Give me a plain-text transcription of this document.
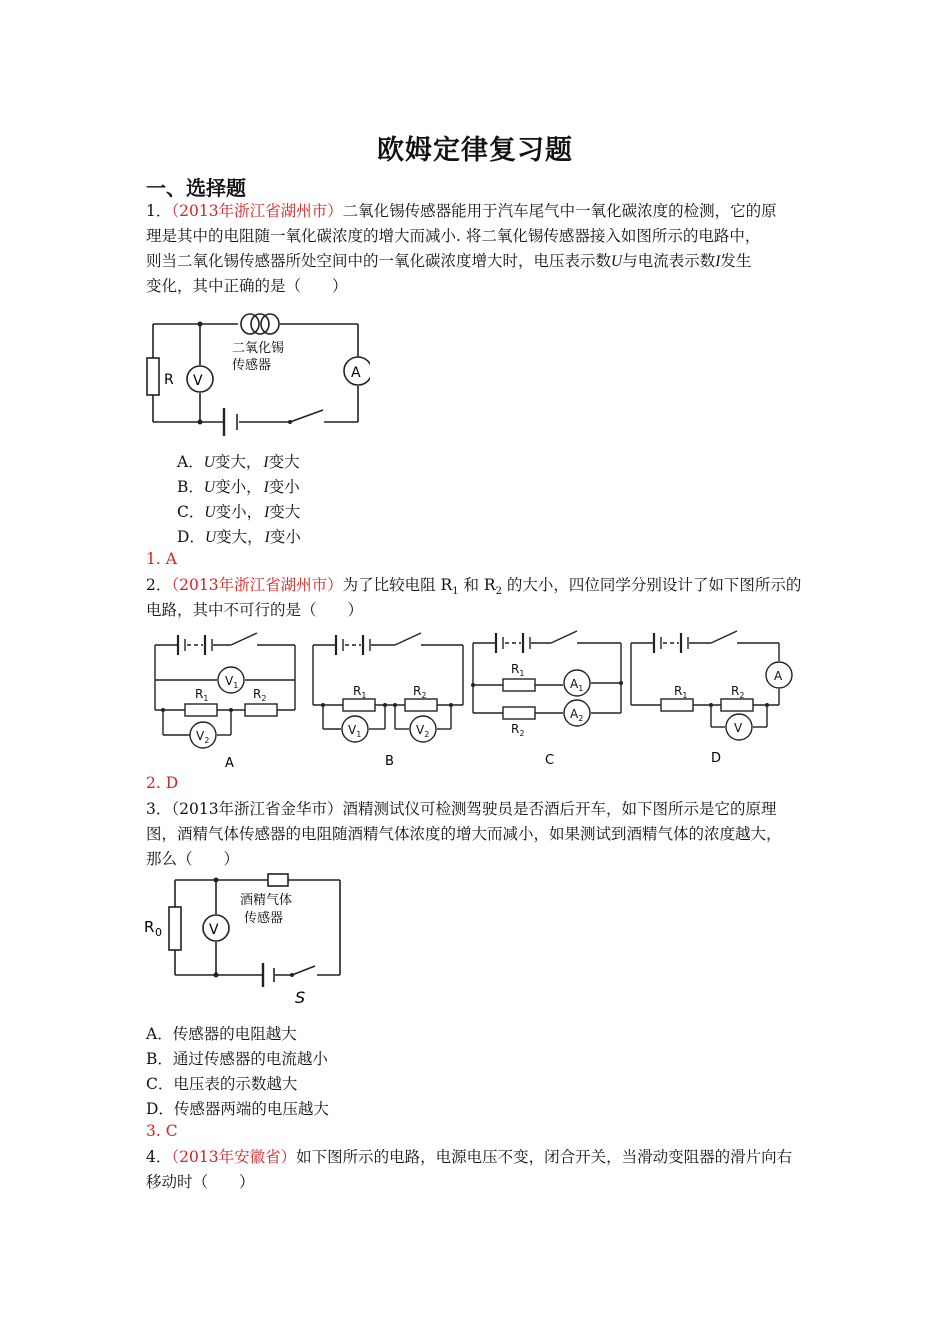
欧姆定律复习题
一、选择题
1．（2013年浙江省湖州市）二氧化锡传感器能用于汽车尾气中一氧化碳浓度的检测，它的原
理是其中的电阻随一氧化碳浓度的增大而减小. 将二氧化锡传感器接入如图所示的电路中，
则当二氧化锡传感器所处空间中的一氧化碳浓度增大时，电压表示数U与电流表示数I发生
变化，其中正确的是（　　）
R V	A
二氧化锡
传感器
A．U变大， I变大
B．U变小， I变小
C．U变小， I变大
D．U变大， I变小
1. A
2．（2013年浙江省湖州市）为了比较电阻 $R_1$ 和 $R_2$ 的大小，四位同学分别设计了如下图所示的
电路，其中不可行的是（　　）
$V_1$
$R_1$	$R_2$
$V_2$
$R_1$	$R_2$
$V_1$	$V_2$
$R_1$
$A_1$
$R_2$
$A_2$
$R_1$	$R_2$
A
V
A	B	C	D
2. D
3．（2013年浙江省金华市）酒精测试仪可检测驾驶员是否酒后开车，如下图所示是它的原理
图，酒精气体传感器的电阻随酒精气体浓度的增大而减小，如果测试到酒精气体的浓度越大，
那么（　　）
R 0	V
酒精气体
传感器
S
A．传感器的电阻越大
B．通过传感器的电流越小
C．电压表的示数越大
D．传感器两端的电压越大
3. C
4．（2013年安徽省）如下图所示的电路，电源电压不变，闭合开关，当滑动变阻器的滑片向右
移动时（　　）
